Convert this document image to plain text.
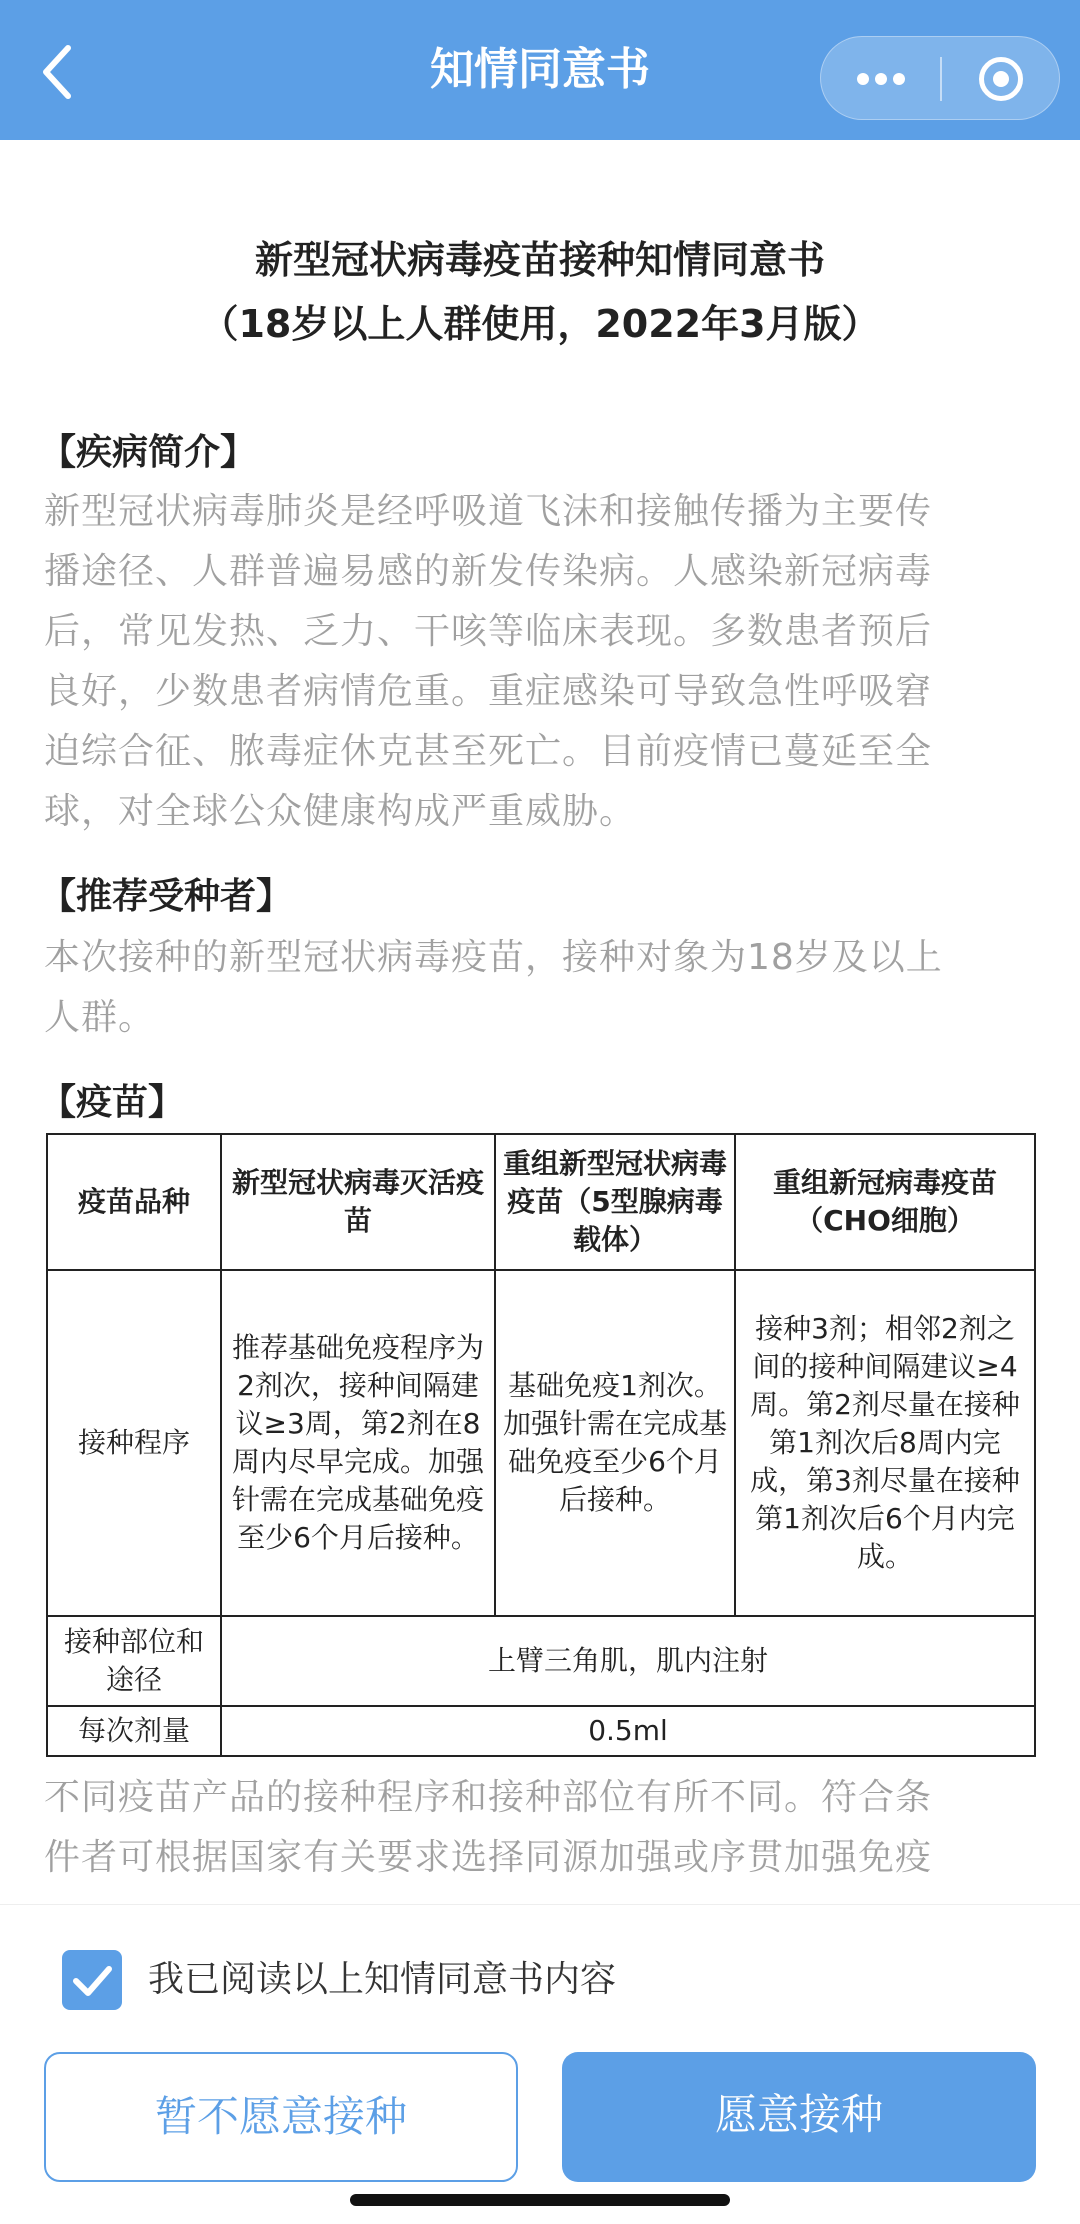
知情同意书
新型冠状病毒疫苗接种知情同意书
（18岁以上人群使用，2022年3月版）
【疾病简介】
新型冠状病毒肺炎是经呼吸道飞沫和接触传播为主要传
播途径、人群普遍易感的新发传染病。人感染新冠病毒
后，常见发热、乏力、干咳等临床表现。多数患者预后
良好，少数患者病情危重。重症感染可导致急性呼吸窘
迫综合征、脓毒症休克甚至死亡。目前疫情已蔓延至全
球，对全球公众健康构成严重威胁。
【推荐受种者】
本次接种的新型冠状病毒疫苗，接种对象为18岁及以上
人群。
【疫苗】
疫苗品种	新型冠状病毒灭活疫苗	重组新型冠状病毒疫苗（5型腺病毒载体）	重组新冠病毒疫苗（CHO细胞）
接种程序	推荐基础免疫程序为2剂次，接种间隔建议≥3周，第2剂在8周内尽早完成。加强针需在完成基础免疫至少6个月后接种。	基础免疫1剂次。加强针需在完成基础免疫至少6个月后接种。	接种3剂；相邻2剂之间的接种间隔建议≥4周。第2剂尽量在接种第1剂次后8周内完成，第3剂尽量在接种第1剂次后6个月内完成。
接种部位和途径	上臂三角肌，肌内注射		
每次剂量	0.5ml		
不同疫苗产品的接种程序和接种部位有所不同。符合条
件者可根据国家有关要求选择同源加强或序贯加强免疫
我已阅读以上知情同意书内容
暂不愿意接种	愿意接种
